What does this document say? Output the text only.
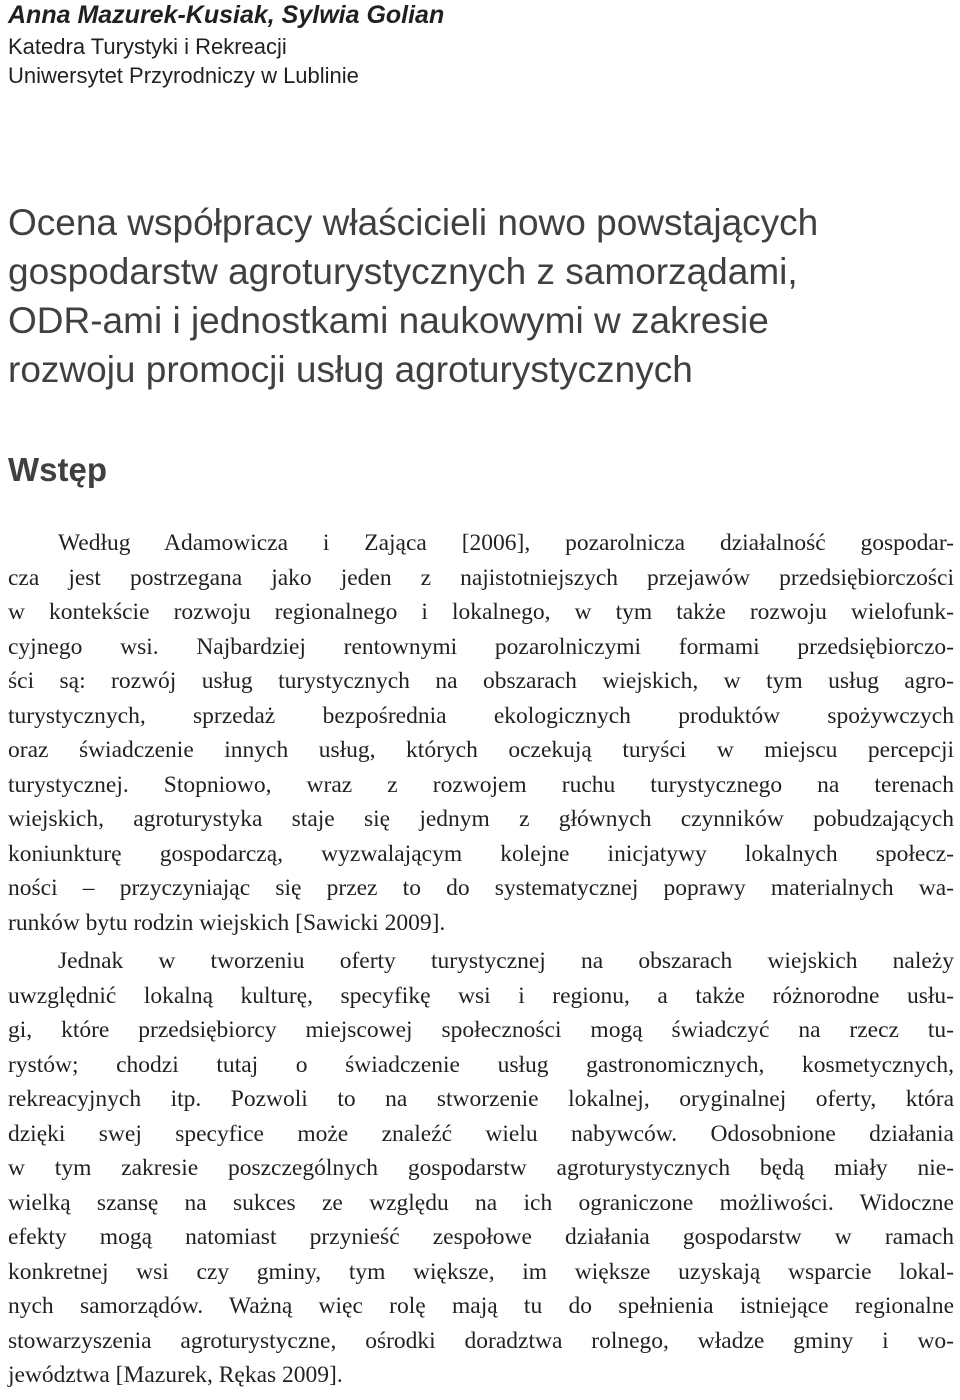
Anna Mazurek-Kusiak, Sylwia Golian
Katedra Turystyki i Rekreacji
Uniwersytet Przyrodniczy w Lublinie
Ocena współpracy właścicieli nowo powstających
gospodarstw agroturystycznych z samorządami,
ODR-ami i jednostkami naukowymi w zakresie
rozwoju promocji usług agroturystycznych
Wstęp
Według Adamowicza i Zająca [2006], pozarolnicza działalność gospodar-
cza jest postrzegana jako jeden z najistotniejszych przejawów przedsiębiorczości
w kontekście rozwoju regionalnego i lokalnego, w tym także rozwoju wielofunk-
cyjnego wsi. Najbardziej rentownymi pozarolniczymi formami przedsiębiorczo-
ści są: rozwój usług turystycznych na obszarach wiejskich, w tym usług agro-
turystycznych, sprzedaż bezpośrednia ekologicznych produktów spożywczych
oraz świadczenie innych usług, których oczekują turyści w miejscu percepcji
turystycznej. Stopniowo, wraz z rozwojem ruchu turystycznego na terenach
wiejskich, agroturystyka staje się jednym z głównych czynników pobudzających
koniunkturę gospodarczą, wyzwalającym kolejne inicjatywy lokalnych społecz-
ności – przyczyniając się przez to do systematycznej poprawy materialnych wa-
runków bytu rodzin wiejskich [Sawicki 2009].
Jednak w tworzeniu oferty turystycznej na obszarach wiejskich należy
uwzględnić lokalną kulturę, specyfikę wsi i regionu, a także różnorodne usłu-
gi, które przedsiębiorcy miejscowej społeczności mogą świadczyć na rzecz tu-
rystów; chodzi tutaj o świadczenie usług gastronomicznych, kosmetycznych,
rekreacyjnych itp. Pozwoli to na stworzenie lokalnej, oryginalnej oferty, która
dzięki swej specyfice może znaleźć wielu nabywców. Odosobnione działania
w tym zakresie poszczególnych gospodarstw agroturystycznych będą miały nie-
wielką szansę na sukces ze względu na ich ograniczone możliwości. Widoczne
efekty mogą natomiast przynieść zespołowe działania gospodarstw w ramach
konkretnej wsi czy gminy, tym większe, im większe uzyskają wsparcie lokal-
nych samorządów. Ważną więc rolę mają tu do spełnienia istniejące regionalne
stowarzyszenia agroturystyczne, ośrodki doradztwa rolnego, władze gminy i wo-
jewództwa [Mazurek, Rękas 2009].
